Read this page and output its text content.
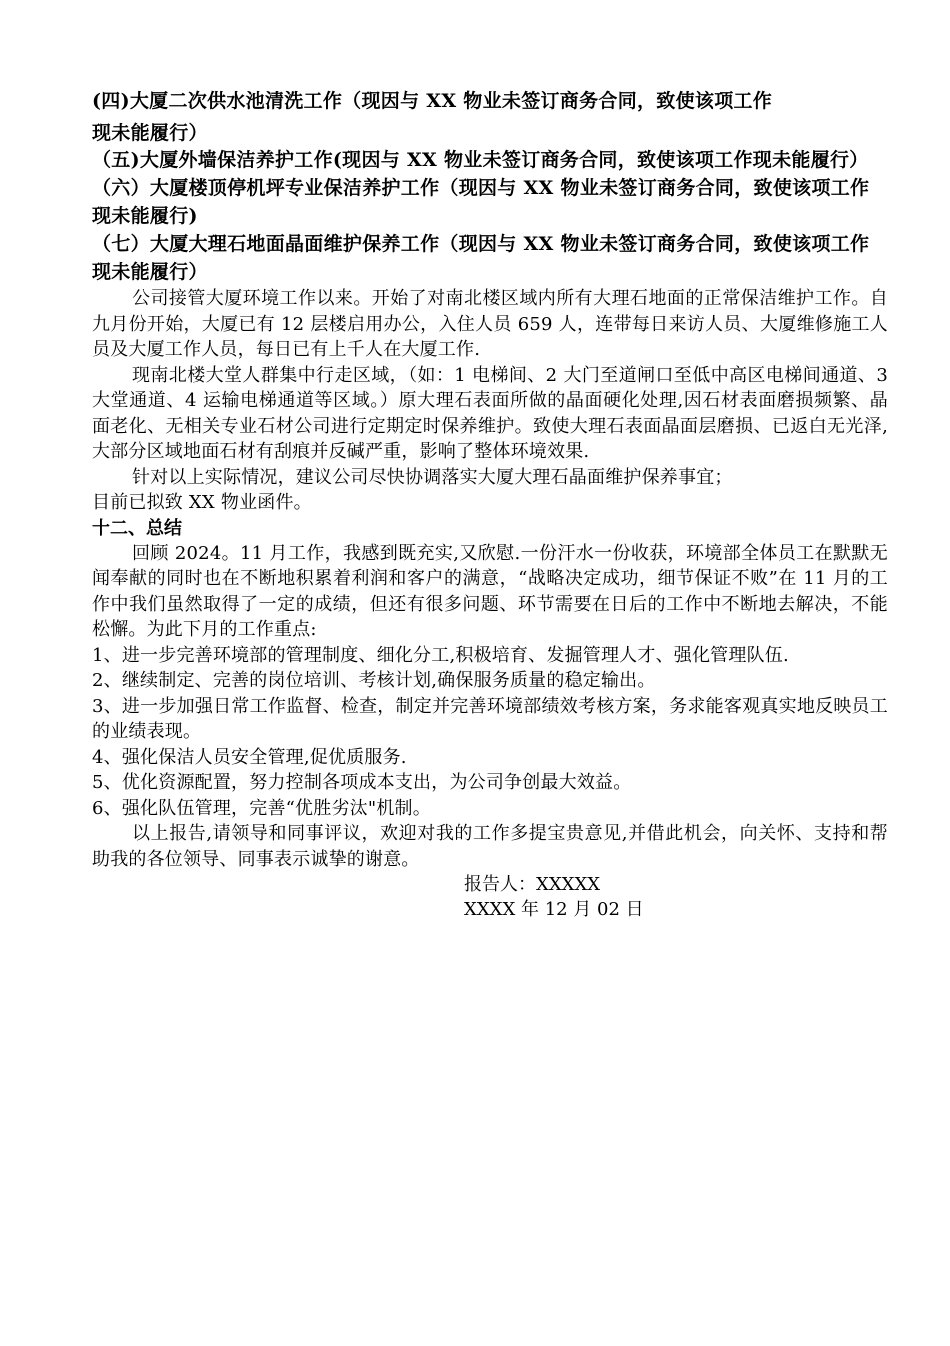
(四)大厦二次供水池清洗工作（现因与 XX 物业未签订商务合同，致使该项工作

现未能履行）

（五)大厦外墙保洁养护工作(现因与 XX 物业未签订商务合同，致使该项工作现未能履行）

（六）大厦楼顶停机坪专业保洁养护工作（现因与 XX 物业未签订商务合同，致使该项工作现未能履行)

（七）大厦大理石地面晶面维护保养工作（现因与 XX 物业未签订商务合同，致使该项工作现未能履行）

公司接管大厦环境工作以来。开始了对南北楼区域内所有大理石地面的正常保洁维护工作。自九月份开始，大厦已有 12 层楼启用办公，入住人员 659 人，连带每日来访人员、大厦维修施工人员及大厦工作人员，每日已有上千人在大厦工作.

现南北楼大堂人群集中行走区域，（如：1 电梯间、2 大门至道闸口至低中高区电梯间通道、3 大堂通道、4 运输电梯通道等区域。）原大理石表面所做的晶面硬化处理,因石材表面磨损频繁、晶面老化、无相关专业石材公司进行定期定时保养维护。致使大理石表面晶面层磨损、已返白无光泽,大部分区域地面石材有刮痕并反碱严重，影响了整体环境效果.

针对以上实际情况，建议公司尽快协调落实大厦大理石晶面维护保养事宜；

目前已拟致 XX 物业函件。

十二、总结

回顾 2024。11 月工作，我感到既充实,又欣慰.一份汗水一份收获，环境部全体员工在默默无闻奉献的同时也在不断地积累着利润和客户的满意，“战略决定成功，细节保证不败”在 11 月的工作中我们虽然取得了一定的成绩，但还有很多问题、环节需要在日后的工作中不断地去解决，不能松懈。为此下月的工作重点:

1、进一步完善环境部的管理制度、细化分工,积极培育、发掘管理人才、强化管理队伍.

2、继续制定、完善的岗位培训、考核计划,确保服务质量的稳定输出。

3、进一步加强日常工作监督、检查，制定并完善环境部绩效考核方案，务求能客观真实地反映员工的业绩表现。

4、强化保洁人员安全管理,促优质服务.

5、优化资源配置，努力控制各项成本支出，为公司争创最大效益。

6、强化队伍管理，完善“优胜劣汰"机制。

以上报告,请领导和同事评议，欢迎对我的工作多提宝贵意见,并借此机会，向关怀、支持和帮助我的各位领导、同事表示诚挚的谢意。

报告人：XXXXX

XXXX 年 12 月 02 日
